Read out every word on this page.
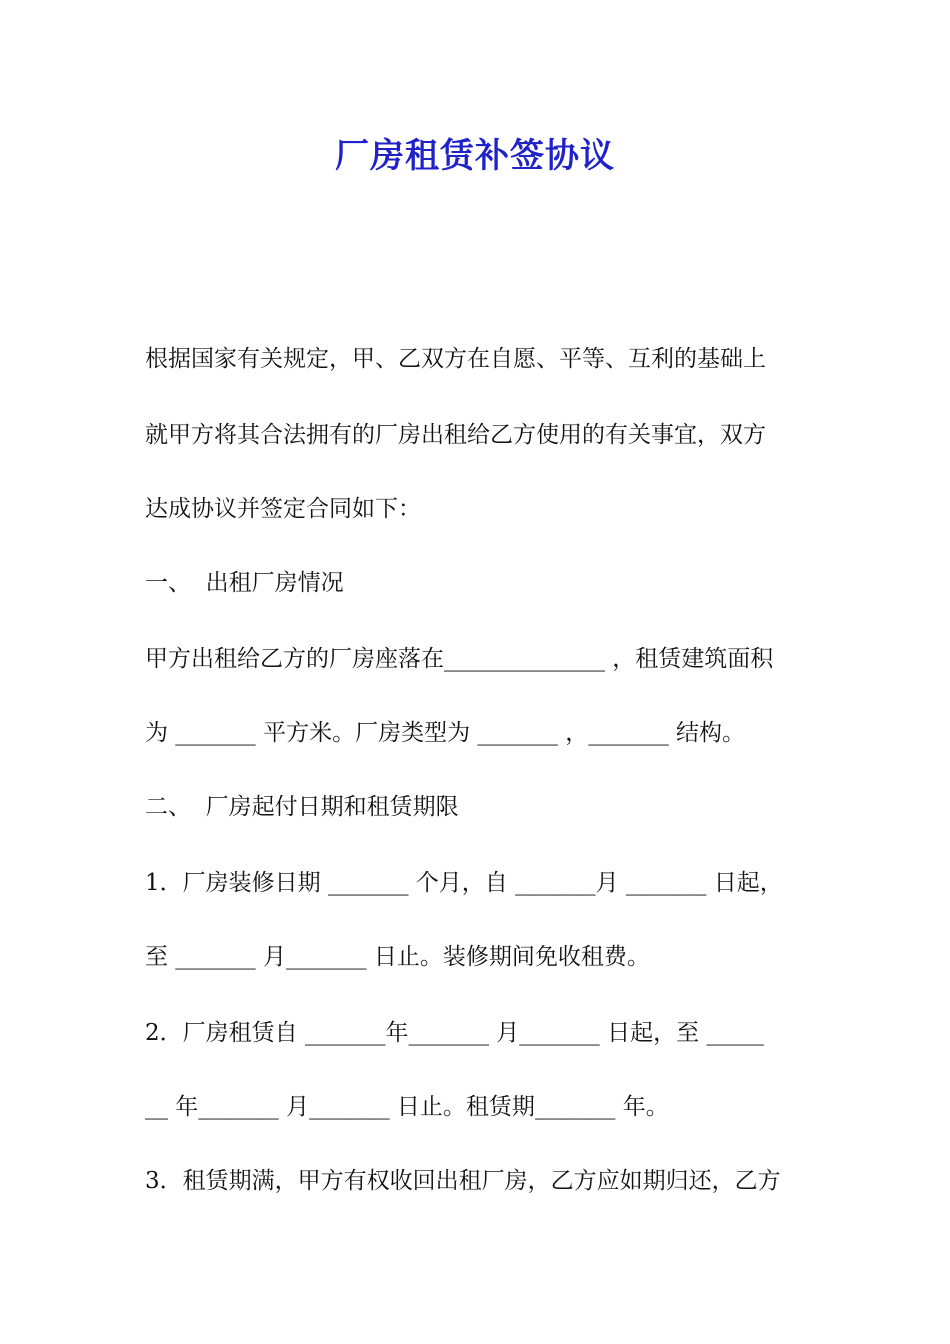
厂房租赁补签协议
根据国家有关规定，甲、乙双方在自愿、平等、互利的基础上
就甲方将其合法拥有的厂房出租给乙方使用的有关事宜，双方
达成协议并签定合同如下：
一、  出租厂房情况
甲方出租给乙方的厂房座落在______________ ，租赁建筑面积
为 _______ 平方米。厂房类型为 _______ ，_______ 结构。
二、  厂房起付日期和租赁期限
1．厂房装修日期 _______ 个月，自 _______月 _______ 日起，
至 _______ 月_______ 日止。装修期间免收租费。
2．厂房租赁自 _______年_______ 月_______ 日起，至 _____
__ 年_______ 月_______ 日止。租赁期_______ 年。
3．租赁期满，甲方有权收回出租厂房，乙方应如期归还，乙方
